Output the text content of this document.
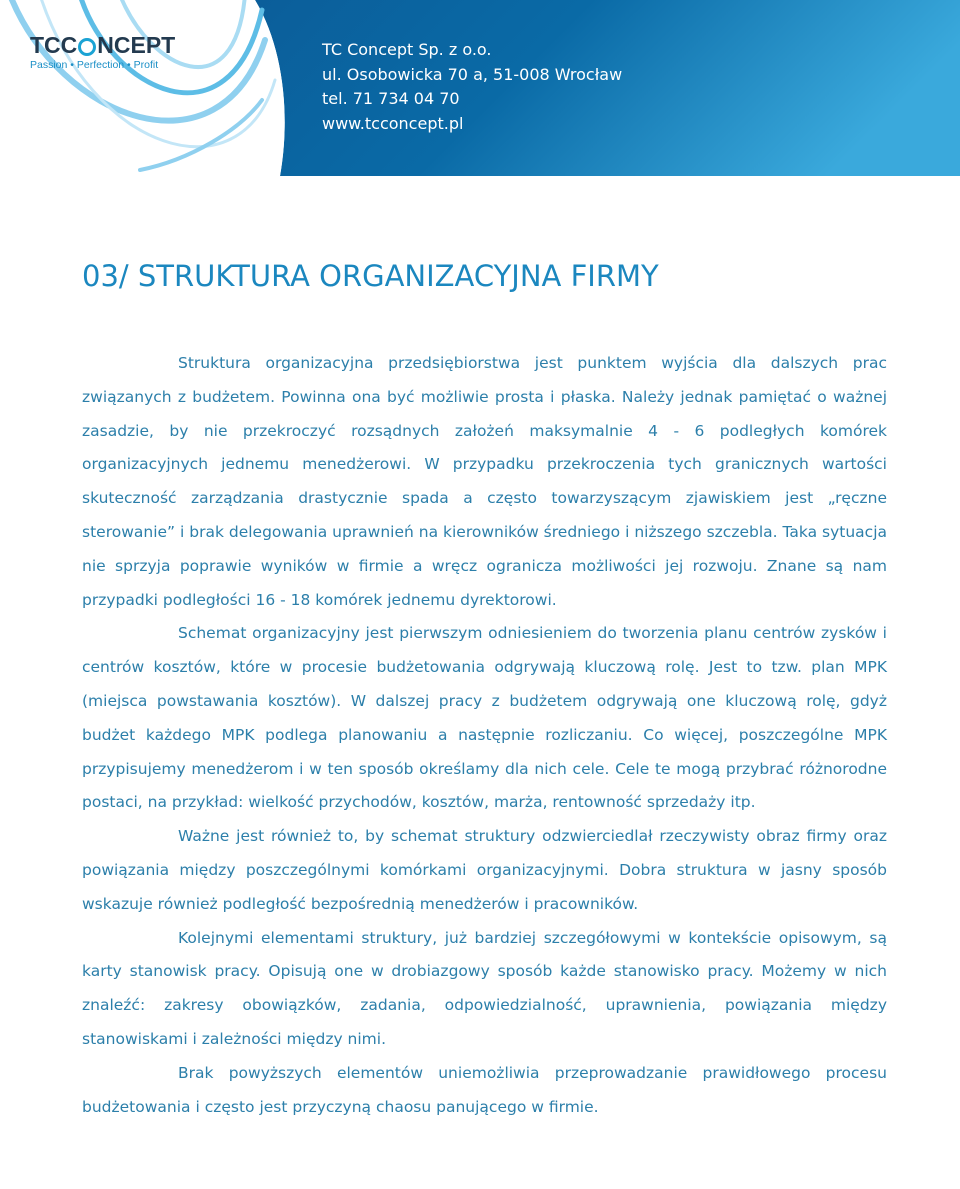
TCC NCEPT
Passion • Perfection • Profit
TC Concept Sp. z o.o.
ul. Osobowicka 70 a, 51-008 Wrocław
tel. 71 734 04 70
www.tcconcept.pl
03/ STRUKTURA ORGANIZACYJNA FIRMY

Struktura organizacyjna przedsiębiorstwa jest punktem wyjścia dla dalszych prac związanych z budżetem. Powinna ona być możliwie prosta i płaska. Należy jednak pamiętać o ważnej zasadzie, by nie przekroczyć rozsądnych założeń maksymalnie 4 - 6 podległych komórek organizacyjnych jednemu menedżerowi. W przypadku przekroczenia tych granicznych wartości skuteczność zarządzania drastycznie spada a często towarzyszącym zjawiskiem jest „ręczne sterowanie” i brak delegowania uprawnień na kierowników średniego i niższego szczebla. Taka sytuacja nie sprzyja poprawie wyników w firmie a wręcz ogranicza możliwości jej rozwoju. Znane są nam przypadki podległości 16 - 18 komórek jednemu dyrektorowi.

Schemat organizacyjny jest pierwszym odniesieniem do tworzenia planu centrów zysków i centrów kosztów, które w procesie budżetowania odgrywają kluczową rolę. Jest to tzw. plan MPK (miejsca powstawania kosztów). W dalszej pracy z budżetem odgrywają one kluczową rolę, gdyż budżet każdego MPK podlega planowaniu a następnie rozliczaniu. Co więcej, poszczególne MPK przypisujemy menedżerom i w ten sposób określamy dla nich cele. Cele te mogą przybrać różnorodne postaci, na przykład: wielkość przychodów, kosztów, marża, rentowność sprzedaży itp.

Ważne jest również to, by schemat struktury odzwierciedlał rzeczywisty obraz firmy oraz powiązania między poszczególnymi komórkami organizacyjnymi. Dobra struktura w jasny sposób wskazuje również podległość bezpośrednią menedżerów i pracowników.

Kolejnymi elementami struktury, już bardziej szczegółowymi w kontekście opisowym, są karty stanowisk pracy. Opisują one w drobiazgowy sposób każde stanowisko pracy. Możemy w nich znaleźć: zakresy obowiązków, zadania, odpowiedzialność, uprawnienia, powiązania między stanowiskami i zależności między nimi.

Brak powyższych elementów uniemożliwia przeprowadzanie prawidłowego procesu budżetowania i często jest przyczyną chaosu panującego w firmie.
